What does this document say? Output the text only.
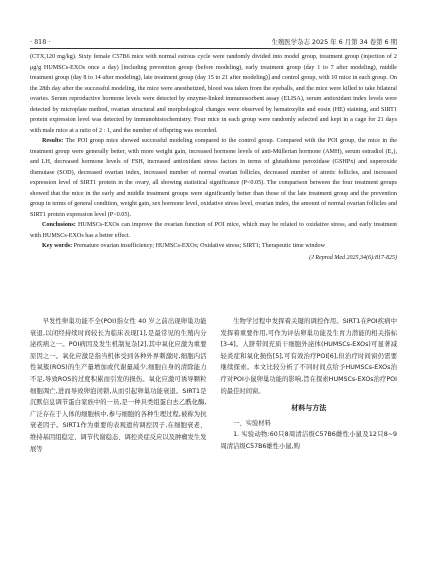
· 818 ·	生殖医学杂志 2025 年 6 月第 34 卷第 6 期

(CTX,120 mg/kg). Sixty female C57B6 mice with normal estrous cycle were randomly divided into model group, treatment group (injection of 2 μg/g HUMSCs-EXOs once a day) [including prevention group (before modeling), early treatment group (day 1 to 7 after modeling), middle treatment group (day 8 to 14 after modeling), late treatment group (day 15 to 21 after modeling)] and control group, with 10 mice in each group. On the 28th day after the successful modeling, the mice were anesthetized, blood was taken from the eyeballs, and the mice were killed to take bilateral ovaries. Serum reproductive hormone levels were detected by enzyme-linked immunosorbent assay (ELISA), serum antioxidant index levels were detected by microplate method, ovarian structural and morphological changes were observed by hematoxylin and eosin (HE) staining, and SIRT1 protein expression level was detected by immunohistochemistry. Four mice in each group were randomly selected and kept in a cage for 21 days with male mice at a ratio of 2 : 1, and the number of offspring was recorded.

Results: The POI group mice showed successful modeling compared to the control group. Compared with the POI group, the mice in the treatment group were generally better, with more weight gain, increased hormone levels of anti-Müllerian hormone (AMH), serum estradiol (E₂), and LH, decreased hormone levels of FSH, increased antioxidant stress factors in terms of glutathione peroxidase (GSHPx) and superoxide dismutase (SOD), decreased ovarian index, increased number of normal ovarian follicles, decreased number of atretic follicles, and increased expression level of SIRT1 protein in the ovary, all showing statistical significance (P<0.05). The comparison between the four treatment groups showed that the mice in the early and middle treatment groups were significantly better than those of the late treatment group and the prevention group in terms of general condition, weight gain, sex hormone level, oxidative stress level, ovarian index, the amount of normal ovarian follicles and SIRT1 protein expression level (P<0.05).

Conclusions: HUMSCs-EXOs can improve the ovarian function of POI mice, which may be related to oxidative stress, and early treatment with HUMSCs-EXOs has a better effect.

Key words: Premature ovarian insufficiency; HUMSCs-EXOs; Oxidative stress; SIRT1; Therapeutic time window

(J Reprod Med 2025,34(6):817-825)

早发性卵巢功能不全(POI)指女性 40 岁之前出现卵巢功能衰退,以闭经持续时间较长为临床表现[1],是最常见的生殖内分泌疾病之一。POI病因及发生机制复杂[2],其中氧化应激为重要原因之一。氧化应激是指当机体受到各种外界刺激时,细胞内活性氧簇(ROS)的生产量增加或代谢量减少,细胞自身的清除能力不足,导致ROS的过度积累而引发的损伤。氧化应激可诱导颗粒细胞凋亡,进而导致卵泡闭锁,从而引起卵巢功能衰退。SIRT1是沉默信息调节蛋白家族中的一员,是一种具类组蛋白去乙酰化酶,广泛存在于人体的细胞核中,参与细胞的各种生理过程,被称为抗衰老因子。SIRT1作为重要的表观遗传调控因子,在细胞衰老、维持基因组稳定、调节代谢稳态、调控炎症反应以及肿瘤发生发展等

生物学过程中发挥着关键的调控作用。SIRT1在POI疾病中发挥着重要作用,可作为评估卵巢功能及生育力潜能的相关指标[3-4]。人脐带间充质干细胞外泌体(HUMSCs-EXOs)可显著减轻炎症和氧化损伤[5],可有效治疗POI[6],但治疗时间窗仍需要继续探索。本文比较分析了不同时间点给予HUMSCs-EXOs治疗对POI小鼠卵巢功能的影响,旨在探索HUMSCs-EXOs治疗POI的最佳时间窗。

材料与方法
一、实验材料

1. 实验动物:60只8周清洁级C57B6雌性小鼠及12只8~9周清洁级C57B6雄性小鼠,购
